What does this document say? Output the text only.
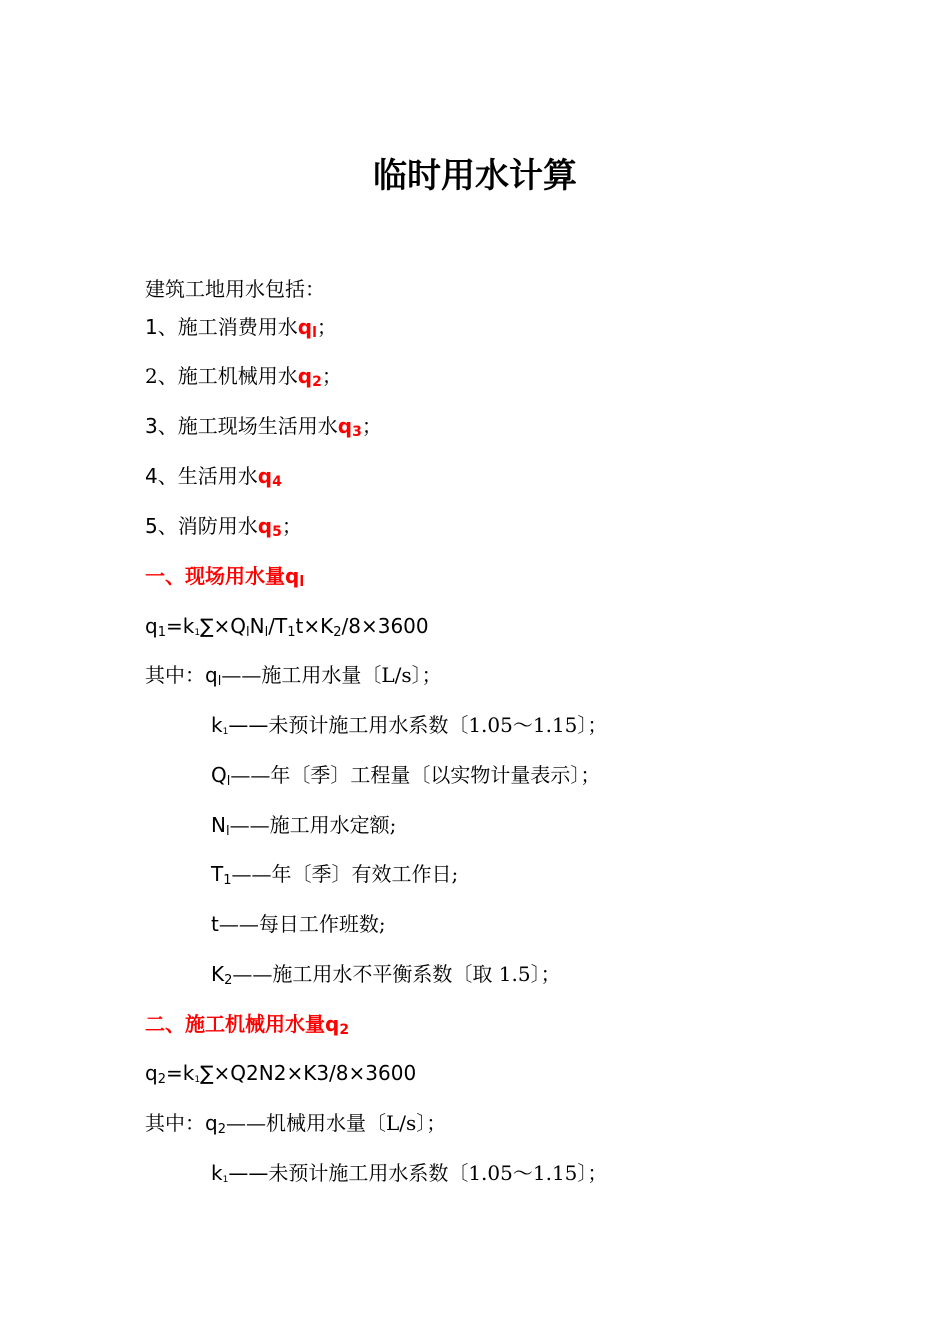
临时用水计算
建筑工地用水包括：
1、施工消费用水ql；
2、施工机械用水q2；
3、施工现场生活用水q3；
4、生活用水q4
5、消防用水q5；
一、现场用水量ql
$q_1=k1\sum\times Q_lN_l/T_1t\times K_2/8\times 3600$
其中：$q_l——$施工用水量〔L/s〕；
k1——未预计施工用水系数〔1.05～1.15〕；
$Q_l——$年〔季〕工程量〔以实物计量表示〕；
$N_l——$施工用水定额;
$T_1——$年〔季〕有效工作日;
t——每日工作班数;
$K_2——$施工用水不平衡系数〔取 1.5〕；
二、施工机械用水量q2
$q_2=k1\sum\times Q2N2\times K3/8\times 3600$
其中：$q_2——$机械用水量〔L/s〕；
k1——未预计施工用水系数〔1.05～1.15〕；
